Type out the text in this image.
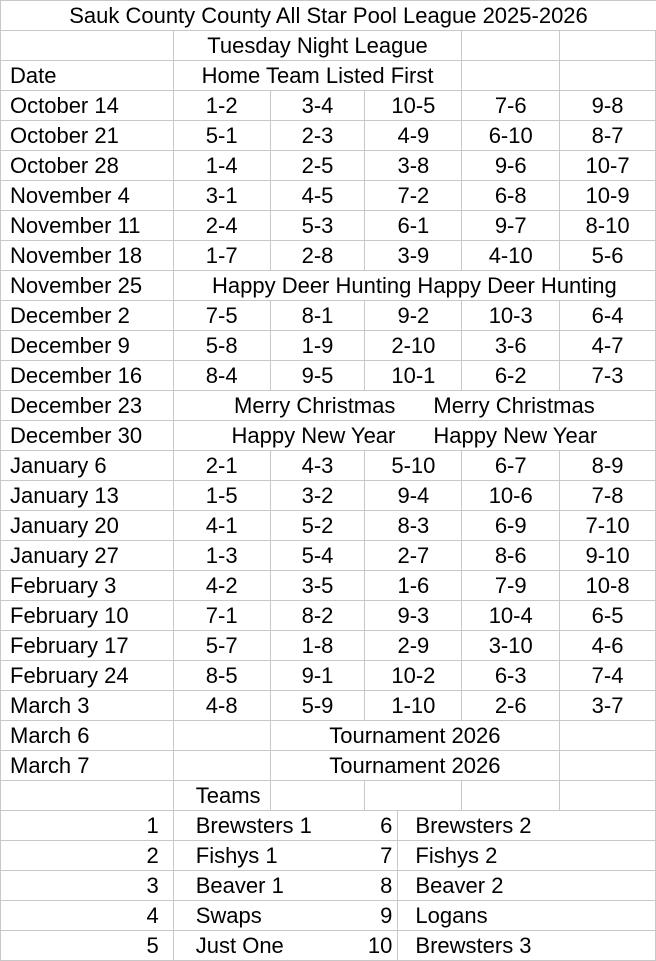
Sauk County County All Star Pool League 2025-2026
Tuesday Night League
Date	Home Team Listed First
October 14	1-2	3-4	10-5	7-6	9-8
October 21	5-1	2-3	4-9	6-10	8-7
October 28	1-4	2-5	3-8	9-6	10-7
November 4	3-1	4-5	7-2	6-8	10-9
November 11	2-4	5-3	6-1	9-7	8-10
November 18	1-7	2-8	3-9	4-10	5-6
November 25	Happy Deer Hunting Happy Deer Hunting
December 2	7-5	8-1	9-2	10-3	6-4
December 9	5-8	1-9	2-10	3-6	4-7
December 16	8-4	9-5	10-1	6-2	7-3
December 23	Merry Christmas Merry Christmas
December 30	Happy New Year Happy New Year
January 6	2-1	4-3	5-10	6-7	8-9
January 13	1-5	3-2	9-4	10-6	7-8
January 20	4-1	5-2	8-3	6-9	7-10
January 27	1-3	5-4	2-7	8-6	9-10
February 3	4-2	3-5	1-6	7-9	10-8
February 10	7-1	8-2	9-3	10-4	6-5
February 17	5-7	1-8	2-9	3-10	4-6
February 24	8-5	9-1	10-2	6-3	7-4
March 3	4-8	5-9	1-10	2-6	3-7
March 6	Tournament 2026
March 7	Tournament 2026
Teams
1	Brewsters 1	6	Brewsters 2
2	Fishys 1	7	Fishys 2
3	Beaver 1	8	Beaver 2
4	Swaps	9	Logans
5	Just One	10	Brewsters 3
